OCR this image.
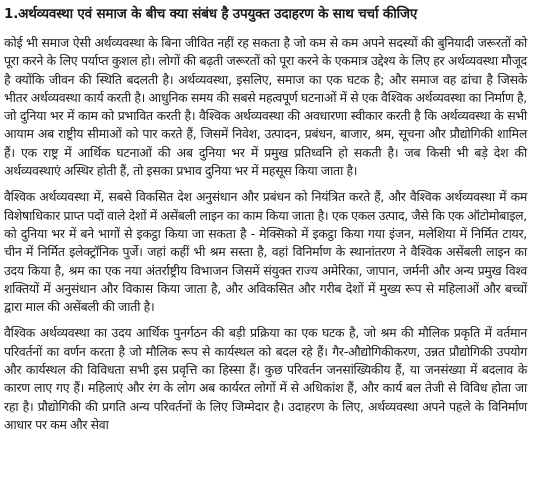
1.अर्थव्यवस्था एवं समाज के बीच क्या संबंध है उपयुक्त उदाहरण के साथ चर्चा कीजिए

कोई भी समाज ऐसी अर्थव्यवस्था के बिना जीवित नहीं रह सकता है जो कम से कम अपने सदस्यों की बुनियादी जरूरतों को पूरा करने के लिए पर्याप्त कुशल हो। लोगों की बढ़ती जरूरतों को पूरा करने के एकमात्र उद्देश्य के लिए हर अर्थव्यवस्था मौजूद है क्योंकि जीवन की स्थिति बदलती है। अर्थव्यवस्था, इसलिए, समाज का एक घटक है; और समाज वह ढांचा है जिसके भीतर अर्थव्यवस्था कार्य करती है। आधुनिक समय की सबसे महत्वपूर्ण घटनाओं में से एक वैश्विक अर्थव्यवस्था का निर्माण है, जो दुनिया भर में काम को प्रभावित करती है। वैश्विक अर्थव्यवस्था की अवधारणा स्वीकार करती है कि अर्थव्यवस्था के सभी आयाम अब राष्ट्रीय सीमाओं को पार करते हैं, जिसमें निवेश, उत्पादन, प्रबंधन, बाजार, श्रम, सूचना और प्रौद्योगिकी शामिल हैं। एक राष्ट्र में आर्थिक घटनाओं की अब दुनिया भर में प्रमुख प्रतिध्वनि हो सकती है। जब किसी भी बड़े देश की अर्थव्यवस्थाएं अस्थिर होती हैं, तो इसका प्रभाव दुनिया भर में महसूस किया जाता है।

वैश्विक अर्थव्यवस्था में, सबसे विकसित देश अनुसंधान और प्रबंधन को नियंत्रित करते हैं, और वैश्विक अर्थव्यवस्था में कम विशेषाधिकार प्राप्त पदों वाले देशों में असेंबली लाइन का काम किया जाता है। एक एकल उत्पाद, जैसे कि एक ऑटोमोबाइल, को दुनिया भर में बने भागों से इकट्ठा किया जा सकता है - मेक्सिको में इकट्ठा किया गया इंजन, मलेशिया में निर्मित टायर, चीन में निर्मित इलेक्ट्रॉनिक पुर्जे। जहां कहीं भी श्रम सस्ता है, वहां विनिर्माण के स्थानांतरण ने वैश्विक असेंबली लाइन का उदय किया है, श्रम का एक नया अंतर्राष्ट्रीय विभाजन जिसमें संयुक्त राज्य अमेरिका, जापान, जर्मनी और अन्य प्रमुख विश्व शक्तियों में अनुसंधान और विकास किया जाता है, और अविकसित और गरीब देशों में मुख्य रूप से महिलाओं और बच्चों द्वारा माल की असेंबली की जाती है।

वैश्विक अर्थव्यवस्था का उदय आर्थिक पुनर्गठन की बड़ी प्रक्रिया का एक घटक है, जो श्रम की मौलिक प्रकृति में वर्तमान परिवर्तनों का वर्णन करता है जो मौलिक रूप से कार्यस्थल को बदल रहे हैं। गैर-औद्योगिकीकरण, उन्नत प्रौद्योगिकी उपयोग और कार्यस्थल की विविधता सभी इस प्रवृत्ति का हिस्सा हैं। कुछ परिवर्तन जनसांख्यिकीय हैं, या जनसंख्या में बदलाव के कारण लाए गए हैं। महिलाएं और रंग के लोग अब कार्यरत लोगों में से अधिकांश हैं, और कार्य बल तेजी से विविध होता जा रहा है। प्रौद्योगिकी की प्रगति अन्य परिवर्तनों के लिए जिम्मेदार है। उदाहरण के लिए, अर्थव्यवस्था अपने पहले के विनिर्माण आधार पर कम और सेवा
